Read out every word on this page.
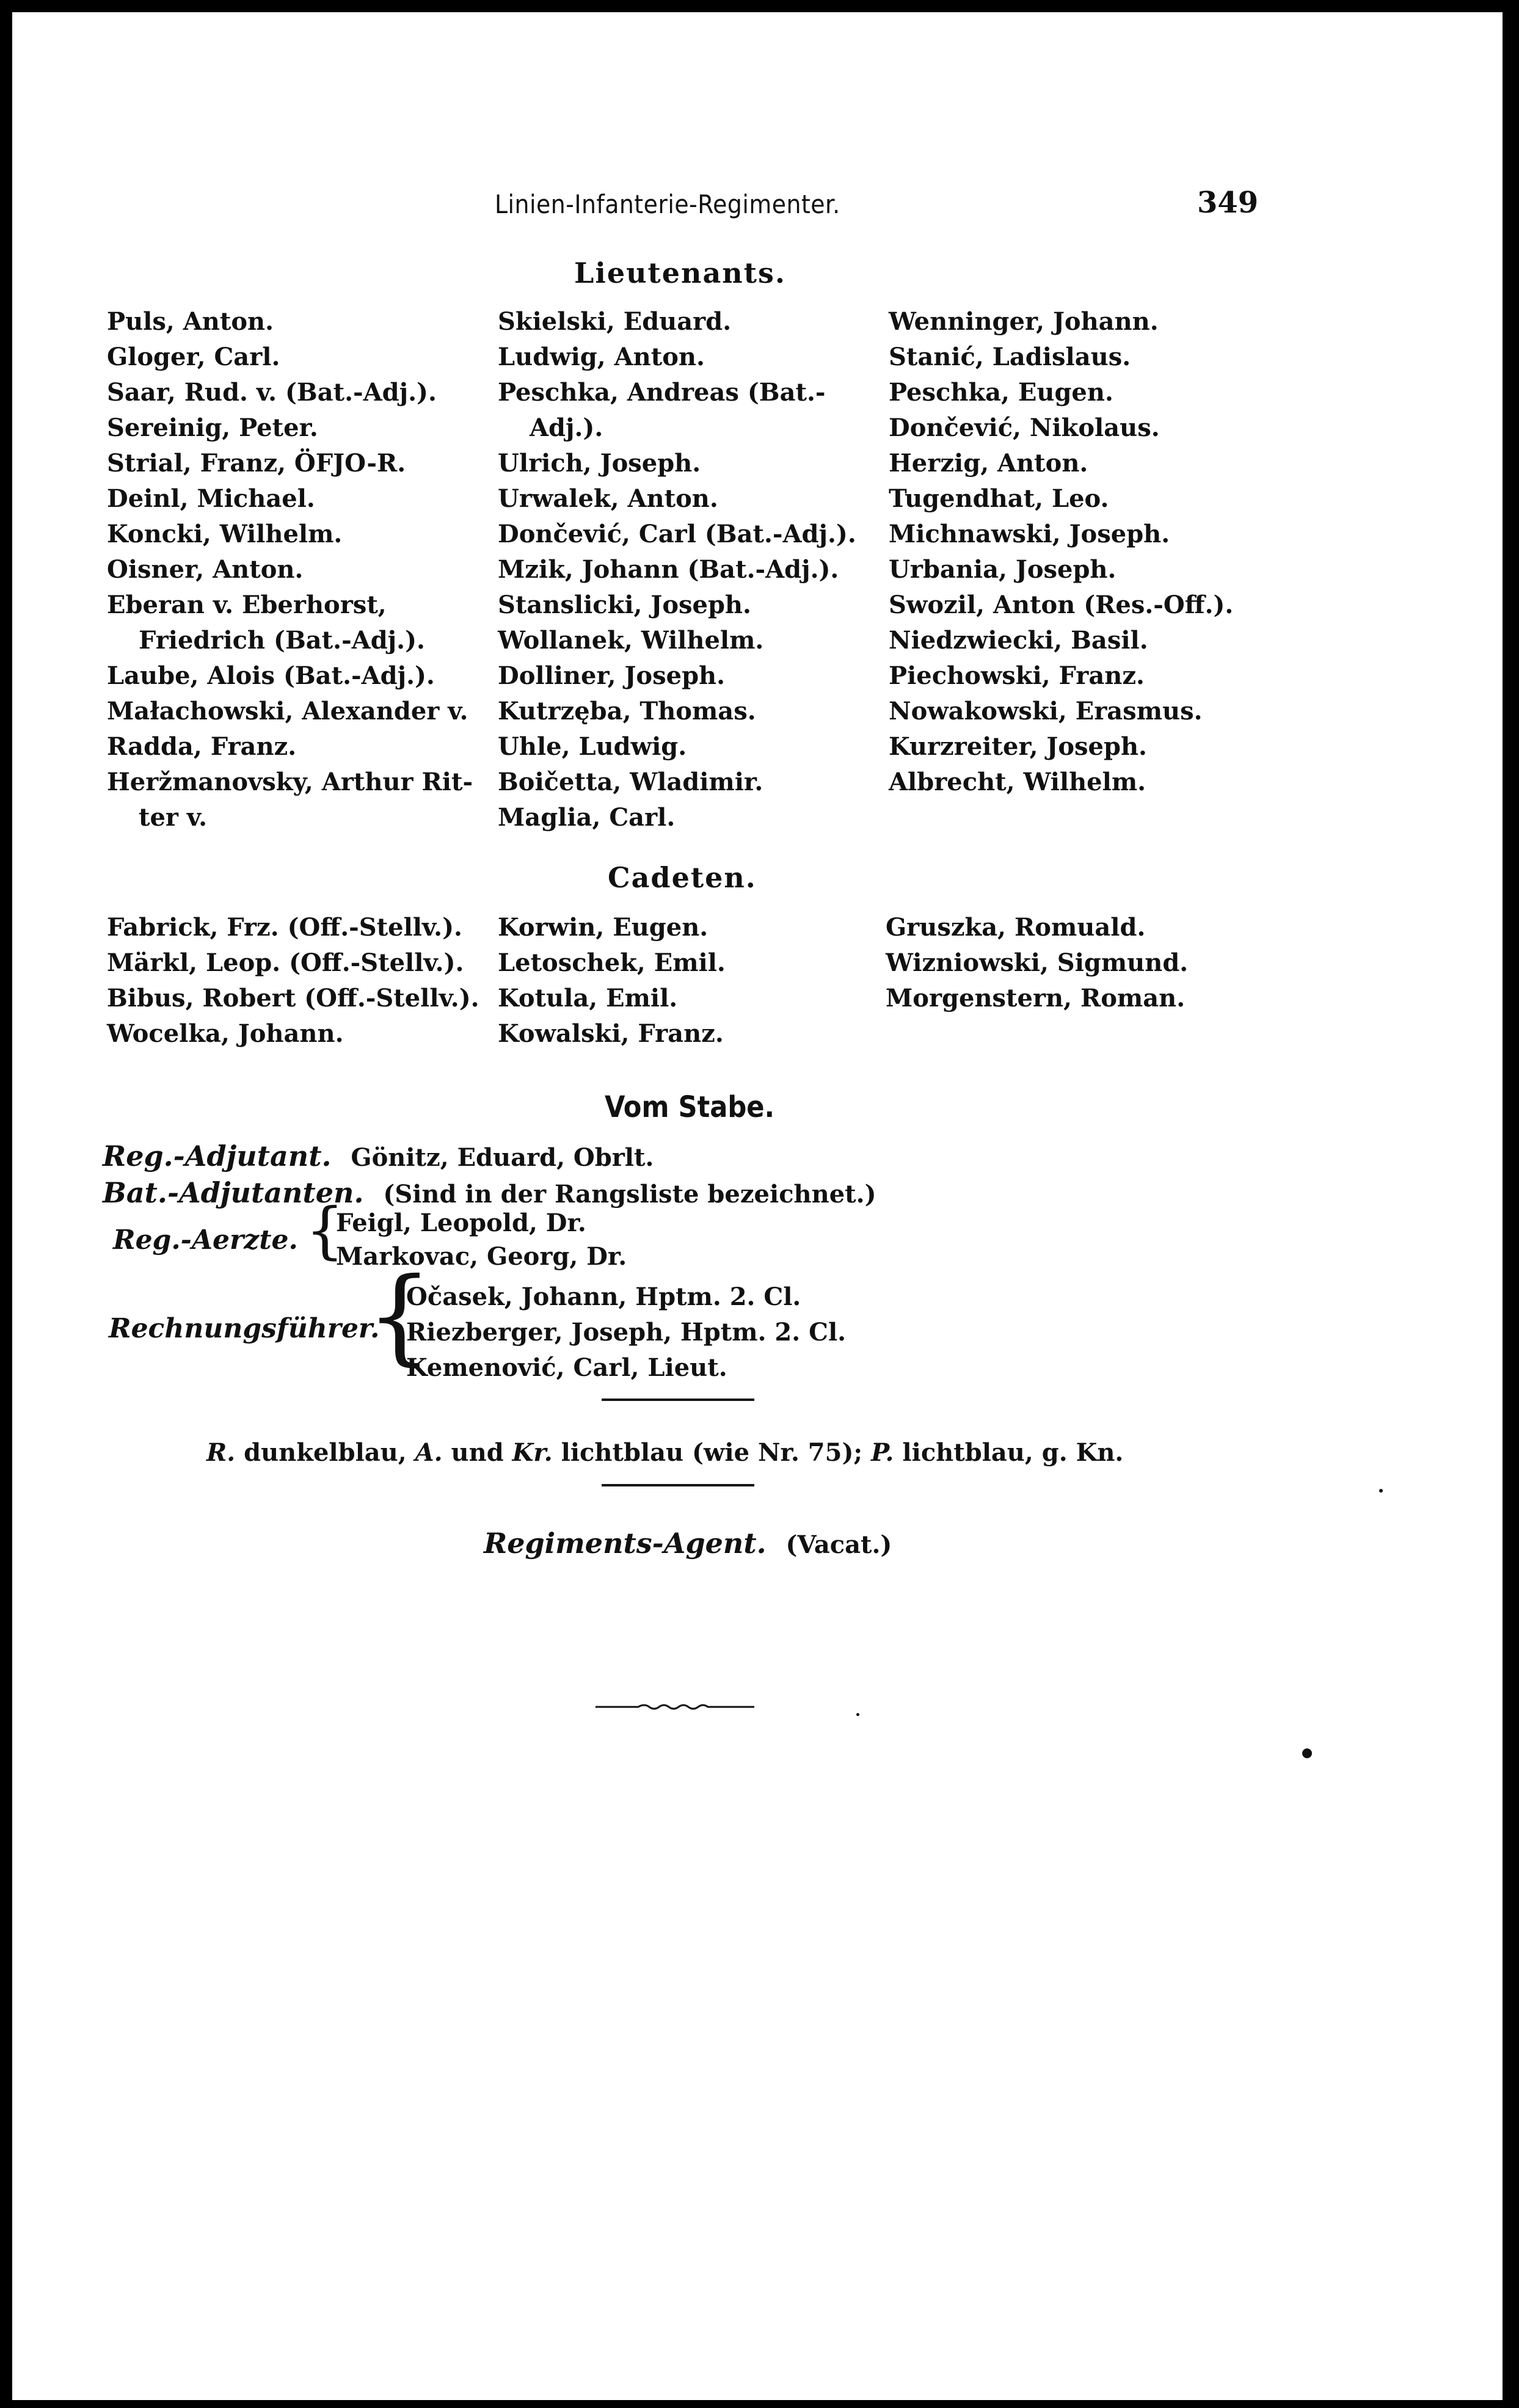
Linien-Infanterie-Regimenter.	349
Lieutenants.
Puls, Anton.
Gloger, Carl.
Saar, Rud. v. (Bat.-Adj.).
Sereinig, Peter.
Strial, Franz, ÖFJO-R.
Deinl, Michael.
Koncki, Wilhelm.
Oisner, Anton.
Eberan v. Eberhorst,
Friedrich (Bat.-Adj.).
Laube, Alois (Bat.-Adj.).
Małachowski, Alexander v.
Radda, Franz.
Heržmanovsky, Arthur Rit-
ter v.
Skielski, Eduard.
Ludwig, Anton.
Peschka, Andreas (Bat.-
Adj.).
Ulrich, Joseph.
Urwalek, Anton.
Dončević, Carl (Bat.-Adj.).
Mzik, Johann (Bat.-Adj.).
Stanslicki, Joseph.
Wollanek, Wilhelm.
Dolliner, Joseph.
Kutrzęba, Thomas.
Uhle, Ludwig.
Boičetta, Wladimir.
Maglia, Carl.
Wenninger, Johann.
Stanić, Ladislaus.
Peschka, Eugen.
Dončević, Nikolaus.
Herzig, Anton.
Tugendhat, Leo.
Michnawski, Joseph.
Urbania, Joseph.
Swozil, Anton (Res.-Off.).
Niedzwiecki, Basil.
Piechowski, Franz.
Nowakowski, Erasmus.
Kurzreiter, Joseph.
Albrecht, Wilhelm.
Cadeten.
Fabrick, Frz. (Off.-Stellv.).
Märkl, Leop. (Off.-Stellv.).
Bibus, Robert (Off.-Stellv.).
Wocelka, Johann.
Korwin, Eugen.
Letoschek, Emil.
Kotula, Emil.
Kowalski, Franz.
Gruszka, Romuald.
Wizniowski, Sigmund.
Morgenstern, Roman.
Vom Stabe.
Reg.-Adjutant. Gönitz, Eduard, Obrlt.
Bat.-Adjutanten. (Sind in der Rangsliste bezeichnet.)
Reg.-Aerzte. {
Feigl, Leopold, Dr.
Markovac, Georg, Dr.
Rechnungsführer.
{
Očasek, Johann, Hptm. 2. Cl.
Riezberger, Joseph, Hptm. 2. Cl.
Kemenović, Carl, Lieut.
R. dunkelblau, A. und Kr. lichtblau (wie Nr. 75); P. lichtblau, g. Kn.
Regiments-Agent. (Vacat.)
